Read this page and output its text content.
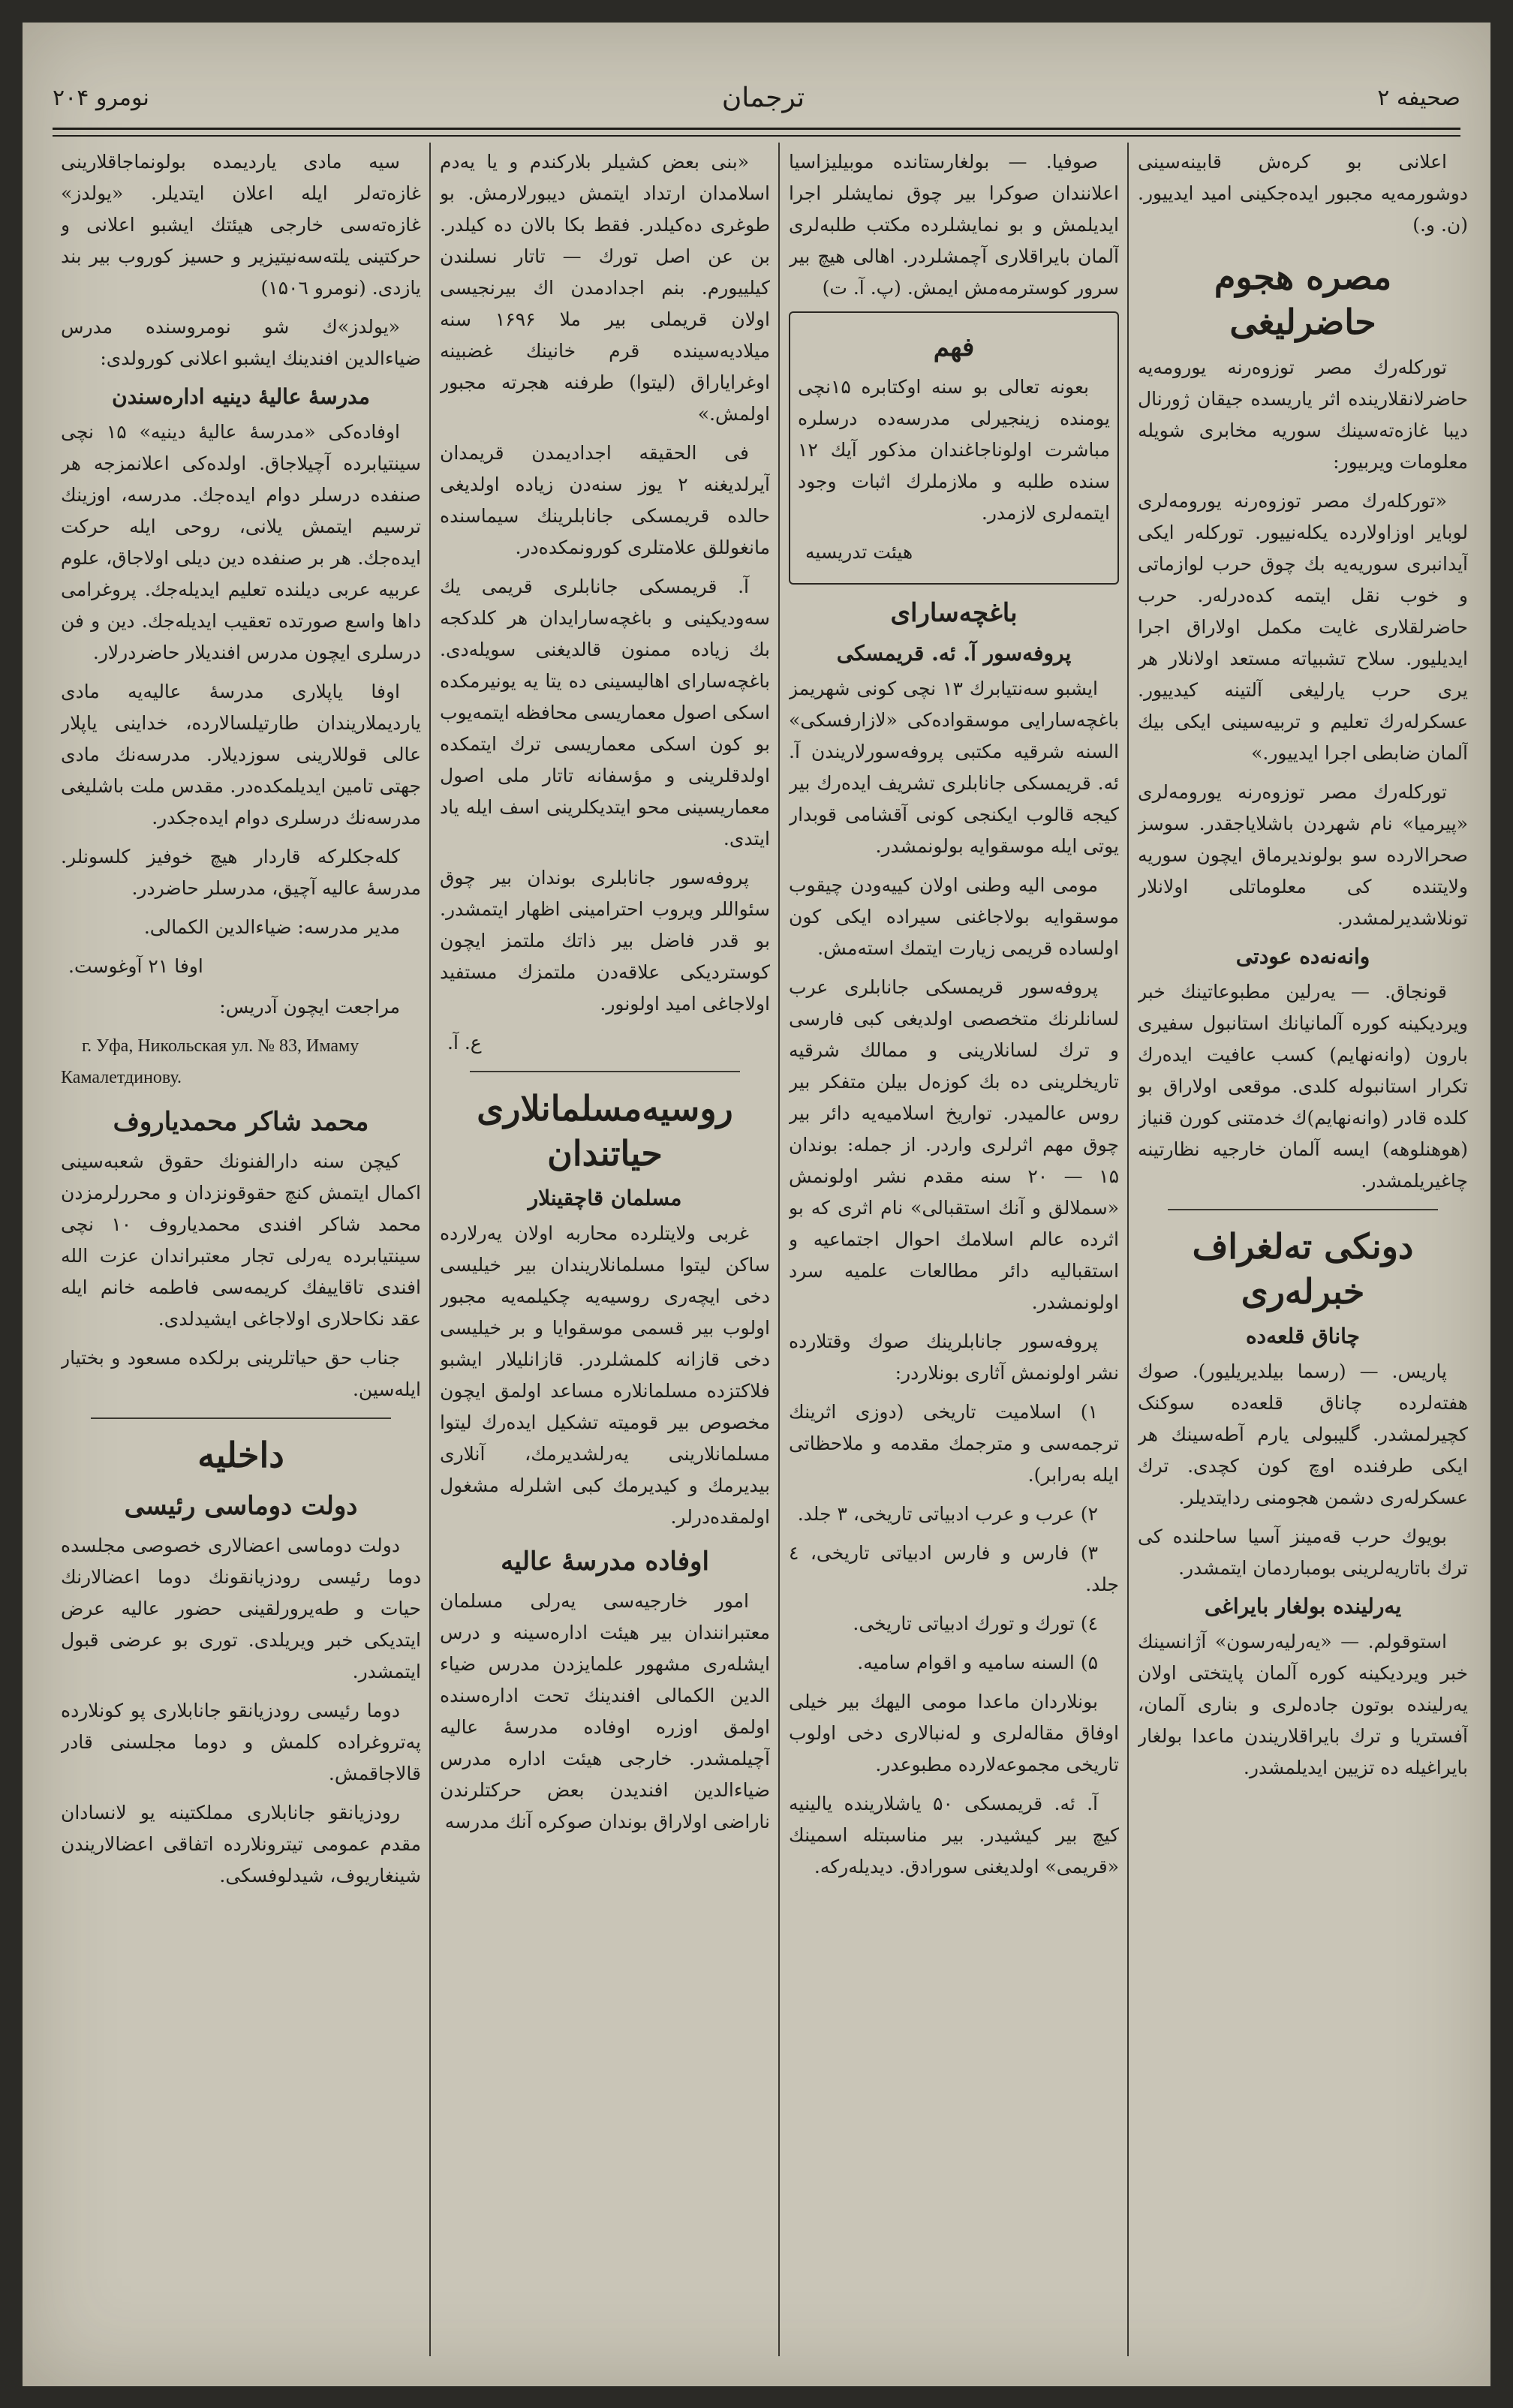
صحیفه ۲
ترجمان
نومرو ۲۰۴

اعلانی بو کرەش قابینەسینی دوشورمەیە مجبور ایدەجکینی امید ایدییور. (ن. و.)

مصرە هجوم حاضرلیغی

تورکلەرك مصر توزوەرنە یورومەیە حاضرلانقلاریندە اثر یاریسدە جیقان ژورنال دیبا غازەتەسینك سوریە مخابری شویلە معلومات ویربیور:

«تورکلەرك مصر توزوەرنە یورومەلری لوبایر اوزاولاردە یکلەنییور. تورکلەر ایکی آیدانبری سوریەیە بك چوق حرب لوازماتی و خوب نقل ایتمە کدەدرلەر. حرب حاضرلقلاری غایت مکمل اولاراق اجرا ایدیلیور. سلاح تشبیاتە مستعد اولانلار هر یری حرب یارلیغی آلتینە کیدییور. عسکرلەرك تعلیم و تربیەسینی ایکی بیك آلمان ضابطی اجرا ایدییور.»

تورکلەرك مصر توزوەرنە یورومەلری «پیرمیا» نام شهردن باشلایاجقدر. سوسز صحرالاردە سو بولوندیرماق ایچون سوریە ولایتندە کی معلوماتلی اولانلار تونلاشدیرلمشدر.

وانەنەدە عودتی

قونجاق. — یەرلین مطبوعاتینك خبر ویردیکینە کورە آلمانیانك استانبول سفیری بارون (وانەنهایم) کسب عافیت ایدەرك تکرار استانبولە کلدی. موقعی اولاراق بو کلدە قادر (وانەنهایم)ك خدمتنی کورن قنیاز (هوهنلوهە) ایسە آلمان خارجیە نظارتینە چاغیریلمشدر.

دونکی تەلغراف خبرلەری
چاناق قلعەدە

پاریس. — (رسما بیلدیریلیور). صوك هفتەلردە چاناق قلعەدە سوکنک کچیرلمشدر. گلیبولی یارم آطەسینك هر ایکی طرفندە اوچ کون کچدی. ترك عسکرلەری دشمن هجومنی ردایتدیلر.

بویوك حرب قەمینز آسیا ساحلندە کی ترك باتاریەلرینی بومباردمان ایتمشدر.

یەرلیندە بولغار بایراغی

استوقولم. — «یەرلیەرسون» آژانسینك خبر ویردیکینە کورە آلمان پایتختی اولان یەرلیندە بوتون جادەلری و بناری آلمان، آفستریا و ترك بایراقلاریندن ماعدا بولغار بایراغیلە دە تزیین ایدیلمشدر.

صوفیا. — بولغارستاندە موبیلیزاسیا اعلانندان صوکرا بیر چوق نمایشلر اجرا ایدیلمش و بو نمایشلردە مکتب طلبەلری آلمان بایراقلاری آچمشلردر. اهالی هیچ بیر سرور کوسترمەمش ایمش. (پ. آ. ت)

فهم

بعونە تعالی بو سنە اوکتابرە ۱۵نچی یومندە زینجیرلی مدرسەدە درسلرە مباشرت اولوناجاغندان مذکور آیك ۱۲ سندە طلبە و ملازملرك اثبات وجود ایتمەلری لازمدر.

هیئت تدریسیە
باغچەسارای
پروفەسور آ. ئە. قریمسکی

ایشبو سەنتیابرك ۱۳ نچی کونی شهریمز باغچەسارایی موسقوادەکی «لازارفسکی» السنە شرقیە مکتبی پروفەسورلاریندن آ. ئە. قریمسکی جانابلری تشریف ایدەرك بیر کیجە قالوب ایکنجی کونی آقشامی قوبدار یوتی ایلە موسقوایە بولونمشدر.

مومی الیە وطنی اولان کییەودن چیقوب موسقوایە بولاجاغنی سیرادە ایکی کون اولسادە قریمی زیارت ایتمك استەمش.

پروفەسور قریمسکی جانابلری عرب لسانلرنك متخصصی اولدیغی کبی فارسی و ترك لسانلارینی و ممالك شرقیە تاریخلرینی دە بك کوزەل بیلن متفکر بیر روس عالمیدر. تواریخ اسلامیەیە دائر بیر چوق مهم اثرلری واردر. از جملە: بوندان ۱۵ — ۲۰ سنە مقدم نشر اولونمش «سملالق و آنك استقبالی» نام اثری کە بو اثردە عالم اسلامك احوال اجتماعیە و استقبالیە دائر مطالعات علمیە سرد اولونمشدر.

پروفەسور جانابلرینك صوك وقتلاردە نشر اولونمش آثاری بونلاردر:

۱) اسلامیت تاریخی (دوزی اثرینك ترجمەسی و مترجمك مقدمە و ملاحظاتی ایلە بەرابر).

۲) عرب و عرب ادبیاتی تاریخی، ۳ جلد.

۳) فارس و فارس ادبیاتی تاریخی، ٤ جلد.

٤) تورك و تورك ادبیاتی تاریخی.

۵) السنە سامیە و اقوام سامیە.

بونلاردان ماعدا مومی الیهك بیر خیلی اوفاق مقالەلری و لەنبالاری دخی اولوب تاریخی مجموعەلاردە مطبوعدر.

آ. ئە. قریمسکی ۵۰ یاشلاریندە یالینیە کیچ بیر کیشیدر. بیر مناسبتلە اسمینك «قریمی» اولدیغنی سورادق. دیدیلەرکە.

«بنی بعض کشیلر بلارکندم و یا یەدم اسلامدان ارتداد ایتمش دیبورلارمش. بو طوغری دەکیلدر. فقط بکا بالان دە کیلدر. بن عن اصل تورك — تاتار نسلندن کیلییورم. بنم اجدادمدن اك بیرنجیسی اولان قریملی بیر ملا ۱۶۹۶ سنە میلادیەسیندە قرم خانینك غضبینە اوغرایاراق (لیتوا) طرفنە هجرتە مجبور اولمش.»

فی الحقیقە اجدادیمدن قریمدان آیرلدیغنە ۲ یوز سنەدن زیادە اولدیغی حالدە قریمسکی جانابلرینك سیماسندە مانغوللق علامتلری کورونمکدەدر.

آ. قریمسکی جانابلری قریمی یك سەودیکینی و باغچەسارایدان هر کلدکجە بك زیادە ممنون قالدیغنی سویلەدی. باغچەسارای اهالیسینی دە یتا یە یونیرمکدە اسکی اصول معماریسی محافظە ایتمەیوب بو کون اسکی معماریسی ترك ایتمكدە اولدقلرینی و مؤسفانە تاتار ملی اصول معماریسینی محو ایتدیکلرینی اسف ایلە یاد ایتدی.

پروفەسور جانابلری بوندان بیر چوق سئواللر ویروب احترامینی اظهار ایتمشدر. بو قدر فاضل بیر ذاتك ملتمز ایچون کوستردیکی علاقەدن ملتمزك مستفید اولاجاغی امید اولونور.

ع. آ.
روسیەمسلمانلاری حیاتندان
مسلمان قاچقینلار

غربی ولایتلردە محاربە اولان یەرلاردە ساکن لیتوا مسلمانلاریندان بیر خیلیسی دخی ایچەری روسیەیە چکیلمەیە مجبور اولوب بیر قسمی موسقوایا و بر خیلیسی دخی قازانە کلمشلردر. قازانلیلار ایشبو فلاکتزدە مسلمانلارە مساعد اولمق ایچون مخصوص بیر قومیتە تشکیل ایدەرك لیتوا مسلمانلارینی یەرلشدیرمك، آنلاری بیدیرمك و کیدیرمك کبی اشلرلە مشغول اولمقدەدرلر.

اوفادە مدرسۀ عالیە

امور خارجیەسی یەرلی مسلمان معتبرانندان بیر هیئت ادارەسینە و درس ایشلەری مشهور علمایزدن مدرس ضیاء الدین الکمالی افندینك تحت ادارەسندە اولمق اوزرە اوفادە مدرسۀ عالیە آچیلمشدر. خارجی هیئت ادارە مدرس ضیاءالدین افندیدن بعض حرکتلرندن ناراضی اولاراق بوندان صوکرە آنك مدرسە

سیە مادی یاردیمدە بولونماجاقلارینی غازەتەلر ایلە اعلان ایتدیلر. «یولدز» غازەتەسی خارجی هیئتك ایشبو اعلانی و حرکتینی یلتەسەنیتیزیر و حسیز کوروب بیر بند یازدی. (نومرو ۱۵۰٦)

«یولدز»ك شو نومروسندە مدرس ضیاءالدین افندینك ایشبو اعلانی کورولدی:

مدرسۀ عالیۀ دینیە ادارەسندن

اوفادەکی «مدرسۀ عالیۀ دینیە» ۱۵ نچی سینتیابردە آچیلاجاق. اولدەکی اعلانمزجە هر صنفدە درسلر دوام ایدەجك. مدرسە، اوزینك ترسیم ایتمش یلانی، روحی ایلە حرکت ایدەجك. هر بر صنفدە دین دیلی اولاجاق، علوم عربیە عربی دیلندە تعلیم ایدیلەجك. پروغرامی داها واسع صورتدە تعقیب ایدیلەجك. دین و فن درسلری ایچون مدرس افندیلار حاضردرلار.

اوفا یاپلاری مدرسۀ عالیەیە مادی یاردیملاریندان طارتیلسالاردە، خداینی یاپلار عالی قوللارینی سوزدیلار. مدرسەنك مادی جهتی تامین ایدیلمکدەدر. مقدس ملت باشلیغی مدرسەنك درسلری دوام ایدەجکدر.

کلەجکلرکە قاردار هیچ خوفیز کلسونلر. مدرسۀ عالیە آچیق، مدرسلر حاضردر.

مدیر مدرسە: ضیاءالدین الکمالی.

اوفا ۲۱ آوغوست.

مراجعت ایچون آدریس:

г. Уфа, Никольская ул. № 83, Имаму Камалетдинову.

محمد شاکر محمدیاروف

کیچن سنە دارالفنونك حقوق شعبەسینی اکمال ایتمش کنچ حقوقونزدان و محررلرمزدن محمد شاکر افندی محمدیاروف ۱۰ نچی سینتیابردە یەرلی تجار معتبراندان عزت اللە افندی تاقاییفك کریمەسی فاطمە خانم ایلە عقد نکاحلاری اولاجاغی ایشیدلدی.

جناب حق حیاتلرینی برلکدە مسعود و بختیار ایلەسین.

داخلیە
دولت دوماسی رئیسی

دولت دوماسی اعضالاری خصوصی مجلسدە دوما رئیسی رودزیانقونك دوما اعضالارنك حیات و طەیرورلقینی حضور عالیە عرض ایتدیکی خبر ویریلدی. توری بو عرضی قبول ایتمشدر.

دوما رئیسی رودزیانقو جانابلاری پو کونلاردە پەتروغرادە کلمش و دوما مجلسنی قادر قالاجاقمش.

رودزیانقو جانابلاری مملکتینە یو لانسادان مقدم عمومی تیترونلاردە اتفاقی اعضالاریندن شینغاریوف، شیدلوفسکی.
